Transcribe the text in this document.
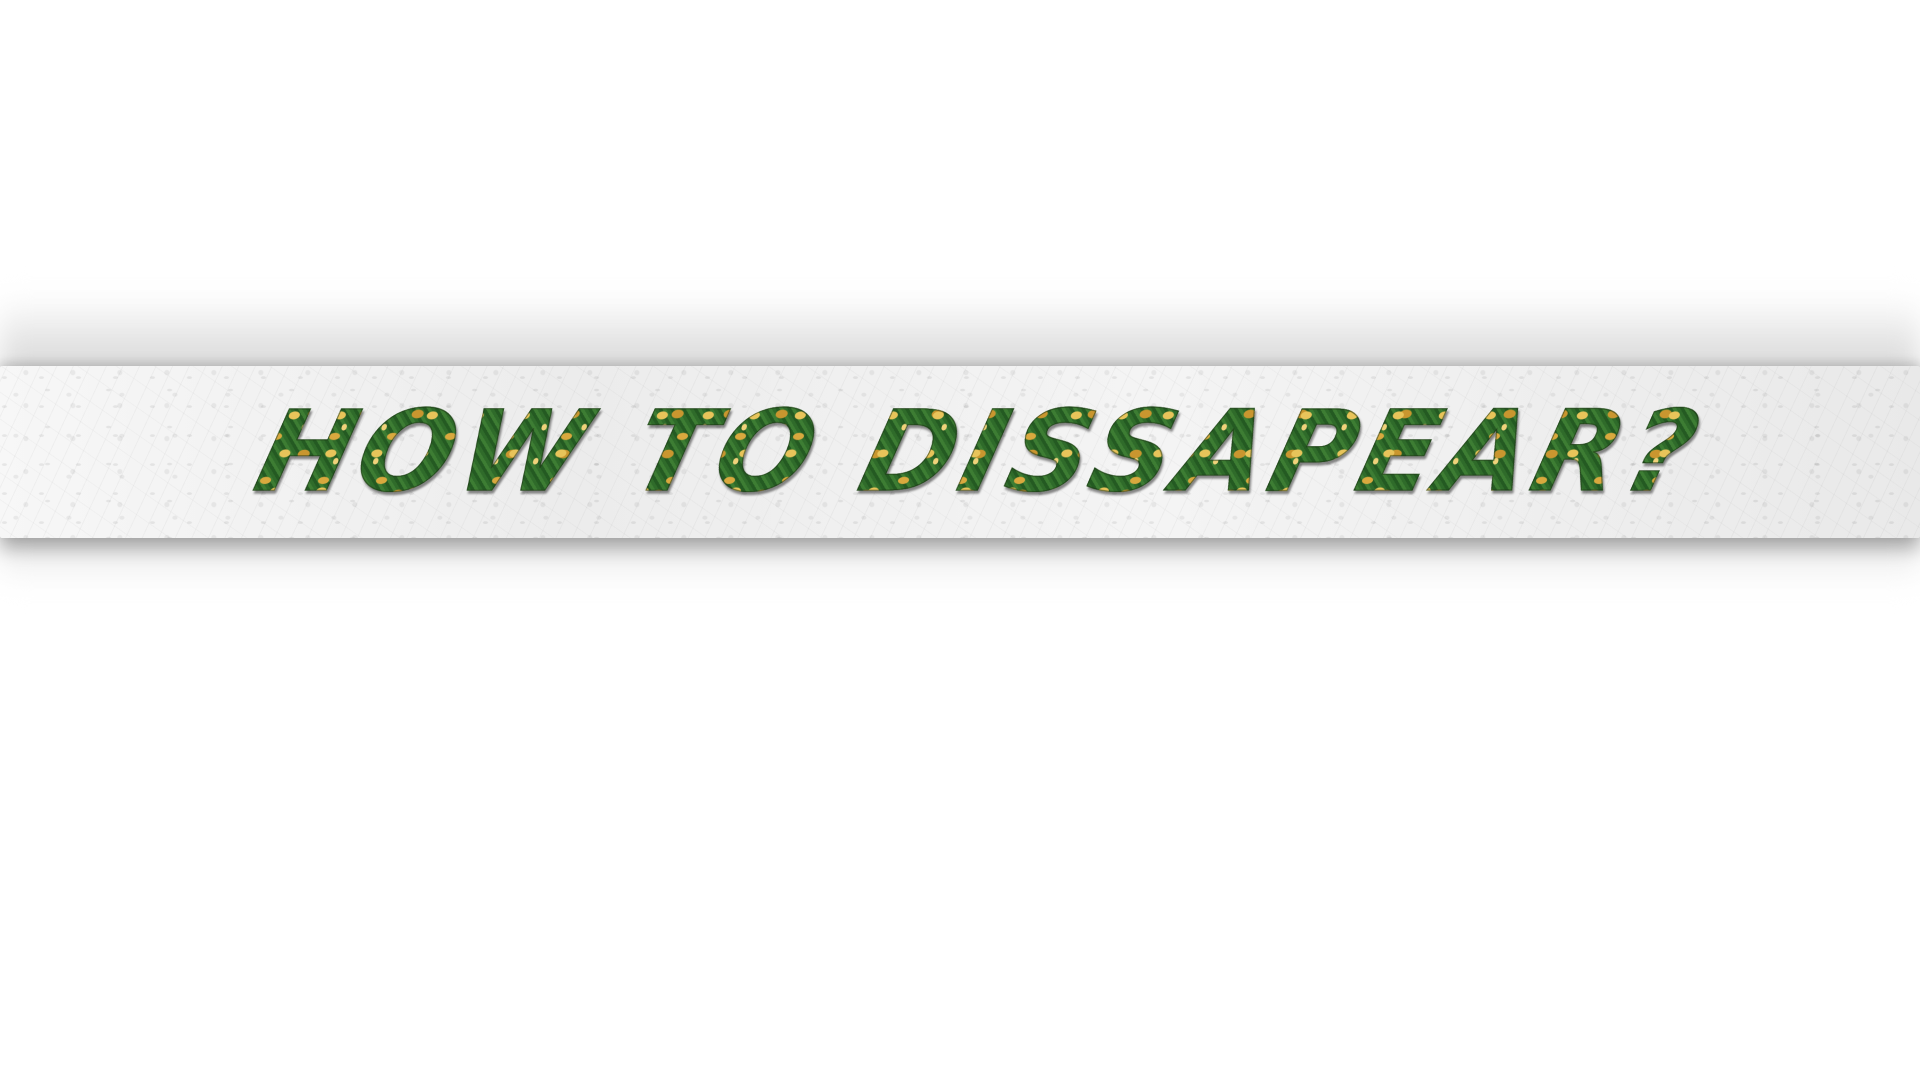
HOW TO DISSAPEAR?
